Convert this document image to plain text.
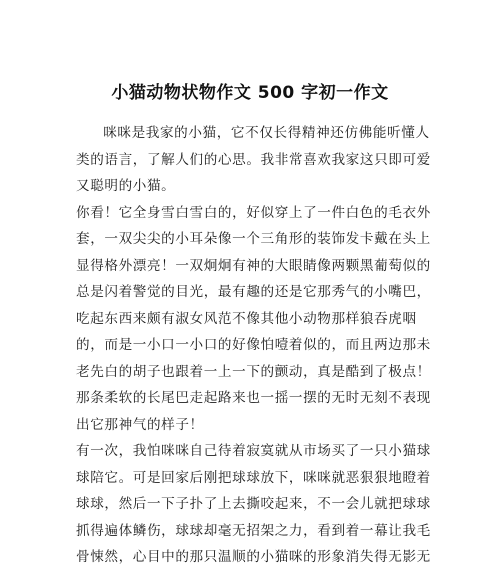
小猫动物状物作文 500 字初一作文

咪咪是我家的小猫，它不仅长得精神还仿佛能听懂人类的语言，了解人们的心思。我非常喜欢我家这只即可爱又聪明的小猫。

你看！它全身雪白雪白的，好似穿上了一件白色的毛衣外套，一双尖尖的小耳朵像一个三角形的装饰发卡戴在头上显得格外漂亮！一双炯炯有神的大眼睛像两颗黑葡萄似的总是闪着警觉的目光，最有趣的还是它那秀气的小嘴巴，吃起东西来颇有淑女风范不像其他小动物那样狼吞虎咽的，而是一小口一小口的好像怕噎着似的，而且两边那未老先白的胡子也跟着一上一下的颤动，真是酷到了极点！那条柔软的长尾巴走起路来也一摇一摆的无时无刻不表现出它那神气的样子！

有一次，我怕咪咪自己待着寂寞就从市场买了一只小猫球球陪它。可是回家后刚把球球放下，咪咪就恶狠狠地瞪着球球，然后一下子扑了上去撕咬起来，不一会儿就把球球抓得遍体鳞伤，球球却毫无招架之力，看到着一幕让我毛骨悚然，心目中的那只温顺的小猫咪的形象消失得无影无
